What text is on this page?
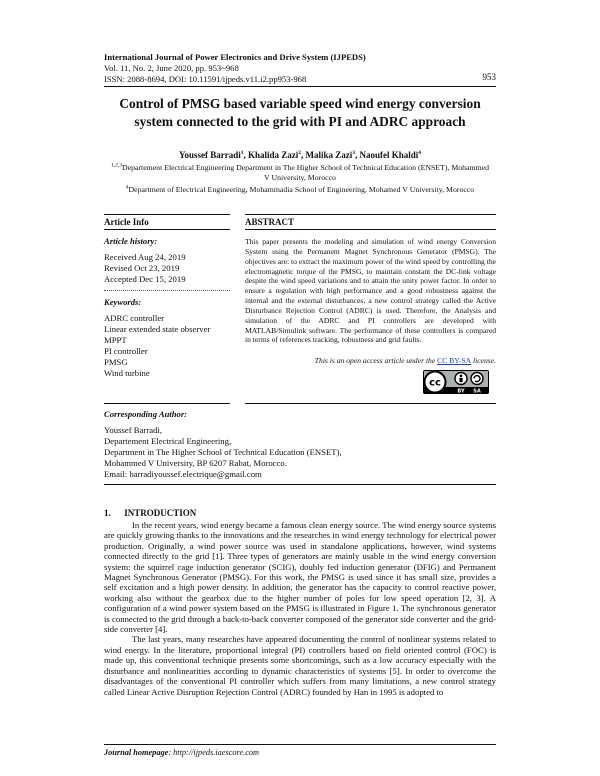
International Journal of Power Electronics and Drive System (IJPEDS)
Vol. 11, No. 2, June 2020, pp. 953~968
ISSN: 2088-8694, DOI: 10.11591/ijpeds.v11.i2.pp953-968	953
Control of PMSG based variable speed wind energy conversion
system connected to the grid with PI and ADRC approach
Youssef Barradi$^1$, Khalida Zazi$^2$, Malika Zazi$^3$, Naoufel Khaldi$^4$
$^{1,2,3}$Departement Electrical Engineering Department in The Higher School of Technical Education (ENSET), Mohammed
V University, Morocco
$^4$Department of Electrical Engineering, Mohammadia School of Engineering, Mohamed V University, Morocco
Article Info	ABSTRACT
Article history:
Received Aug 24, 2019
Revised Oct 23, 2019
Accepted Dec 15, 2019
Keywords:
ADRC controller
Linear extended state observer
MPPT
PI controller
PMSG
Wind turbine
This paper presents the modeling and simulation of wind energy Conversion System using the Permanent Magnet Synchronous Generator (PMSG). The objectives are: to extract the maximum power of the wind speed by controlling the electromagnetic torque of the PMSG, to maintain constant the DC-link voltage despite the wind speed variations and to attain the unity power factor. In order to ensure a regulation with high performance and a good robustness against the internal and the external disturbances, a new control strategy called the Active Disturbance Rejection Control (ADRC) is used. Therefore, the Analysis and simulation of the ADRC and PI controllers are developed with MATLAB/Simulink software. The performance of these controllers is compared in terms of references tracking, robustness and grid faults.
This is an open access article under the CC BY-SA license.
cc
BY SA
Corresponding Author:
Youssef Barradi,
Departement Electrical Engineering,
Department in The Higher School of Technical Education (ENSET),
Mohammed V University, BP 6207 Rabat, Morocco.
Email: barradiyoussef.electrique@gmail.com
1.      INTRODUCTION

In the recent years, wind energy became a famous clean energy source. The wind energy source systems are quickly growing thanks to the innovations and the researches in wind energy technology for electrical power production. Originally, a wind power source was used in standalone applications, however, wind systems connected directly to the grid [1]. Three types of generators are mainly usable in the wind energy conversion system: the squirrel cage induction generator (SCIG), doubly fed induction generator (DFIG) and Permanent Magnet Synchronous Generator (PMSG). For this work, the PMSG is used since it has small size, provides a self excitation and a high power density. In addition, the generator has the capacity to control reactive power, working also without the gearbox due to the higher number of poles for low speed operation [2, 3]. A configuration of a wind power system based on the PMSG is illustrated in Figure 1. The synchronous generator is connected to the grid through a back-to-back converter composed of the generator side converter and the grid-side converter [4].

The last years, many researches have appeared documenting the control of nonlinear systems related to wind energy. In the literature, proportional integral (PI) controllers based on field oriented control (FOC) is made up, this conventional technique presents some shortcomings, such as a low accuracy especially with the disturbance and nonlinearities according to dynamic characteristics of systems [5]. In order to overcome the disadvantages of the conventional PI controller which suffers from many limitations, a new control strategy called Linear Active Disruption Rejection Control (ADRC) founded by Han in 1995 is adopted to

Journal homepage: http://ijpeds.iaescore.com
